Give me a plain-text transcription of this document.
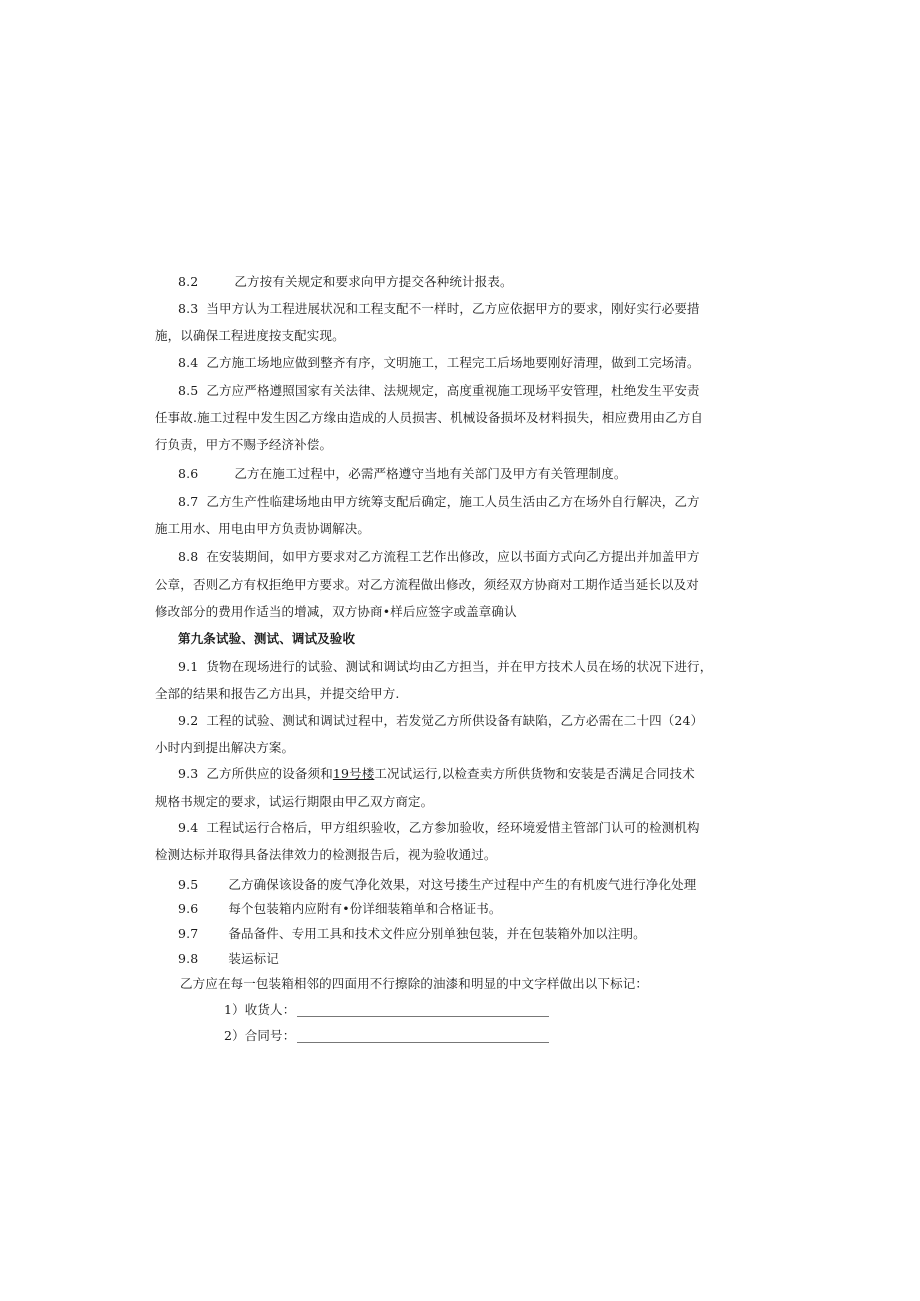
8.2	乙方按有关规定和要求向甲方提交各种统计报表。
8.3 当甲方认为工程进展状况和工程支配不一样时，乙方应依据甲方的要求，刚好实行必要措
施，以确保工程进度按支配实现。
8.4 乙方施工场地应做到整齐有序，文明施工，工程完工后场地要刚好清理，做到工完场清。
8.5 乙方应严格遵照国家有关法律、法规规定，高度重视施工现场平安管理，杜绝发生平安责
任事故.施工过程中发生因乙方缘由造成的人员损害、机械设备损坏及材料损失，相应费用由乙方自
行负责，甲方不赐予经济补偿。
8.6	乙方在施工过程中，必需严格遵守当地有关部门及甲方有关管理制度。
8.7 乙方生产性临建场地由甲方统筹支配后确定，施工人员生活由乙方在场外自行解决，乙方
施工用水、用电由甲方负责协调解决。
8.8 在安装期间，如甲方要求对乙方流程工艺作出修改，应以书面方式向乙方提出并加盖甲方
公章，否则乙方有权拒绝甲方要求。对乙方流程做出修改，须经双方协商对工期作适当延长以及对
修改部分的费用作适当的增减，双方协商•样后应签字或盖章确认
第九条试验、测试、调试及验收
9.1 货物在现场进行的试验、测试和调试均由乙方担当，并在甲方技术人员在场的状况下进行，
全部的结果和报告乙方出具，并提交给甲方.
9.2 工程的试验、测试和调试过程中，若发觉乙方所供设备有缺陷，乙方必需在二十四（24）
小时内到提出解决方案。
9.3 乙方所供应的设备须和19号楼工况试运行,以检查卖方所供货物和安装是否满足合同技术
规格书规定的要求，试运行期限由甲乙双方商定。
9.4 工程试运行合格后，甲方组织验收，乙方参加验收，经环境爱惜主管部门认可的检测机构
检测达标并取得具备法律效力的检测报告后，视为验收通过。
9.5 乙方确保该设备的废气净化效果，对这号搂生产过程中产生的有机废气进行净化处理
9.6 每个包装箱内应附有•份详细装箱单和合格证书。
9.7 备品备件、专用工具和技术文件应分别单独包装，并在包装箱外加以注明。
9.8 装运标记
乙方应在每一包装箱相邻的四面用不行擦除的油漆和明显的中文字样做出以下标记：
1）收货人：
2）合同号：
